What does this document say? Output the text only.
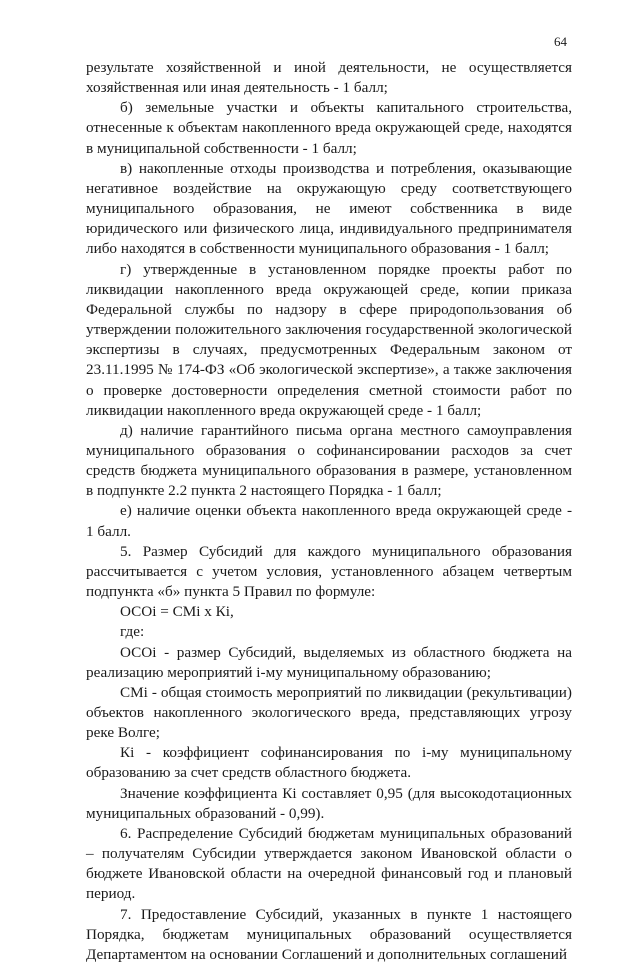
64

результате хозяйственной и иной деятельности, не осуществляется хозяйственная или иная деятельность - 1 балл;

б) земельные участки и объекты капитального строительства, отнесенные к объектам накопленного вреда окружающей среде, находятся в муниципальной собственности - 1 балл;

в) накопленные отходы производства и потребления, оказывающие негативное воздействие на окружающую среду соответствующего муниципального образования, не имеют собственника в виде юридического или физического лица, индивидуального предпринимателя либо находятся в собственности муниципального образования - 1 балл;

г) утвержденные в установленном порядке проекты работ по ликвидации накопленного вреда окружающей среде, копии приказа Федеральной службы по надзору в сфере природопользования об утверждении положительного заключения государственной экологической экспертизы в случаях, предусмотренных Федеральным законом от 23.11.1995 № 174-ФЗ «Об экологической экспертизе», а также заключения о проверке достоверности определения сметной стоимости работ по ликвидации накопленного вреда окружающей среде - 1 балл;

д) наличие гарантийного письма органа местного самоуправления муниципального образования о софинансировании расходов за счет средств бюджета муниципального образования в размере, установленном в подпункте 2.2 пункта 2 настоящего Порядка - 1 балл;

е) наличие оценки объекта накопленного вреда окружающей среде - 1 балл.

5. Размер Субсидий для каждого муниципального образования рассчитывается с учетом условия, установленного абзацем четвертым подпункта «б» пункта 5 Правил по формуле:

ОСОi = СМi x Кi,

где:

ОСОi - размер Субсидий, выделяемых из областного бюджета на реализацию мероприятий i-му муниципальному образованию;

СМi - общая стоимость мероприятий по ликвидации (рекультивации) объектов накопленного экологического вреда, представляющих угрозу реке Волге;

Кi - коэффициент софинансирования по i-му муниципальному образованию за счет средств областного бюджета.

Значение коэффициента Кi составляет 0,95 (для высокодотационных муниципальных образований - 0,99).

6. Распределение Субсидий бюджетам муниципальных образований – получателям Субсидии утверждается законом Ивановской области о бюджете Ивановской области на очередной финансовый год и плановый период.

7. Предоставление Субсидий, указанных в пункте 1 настоящего Порядка, бюджетам муниципальных образований осуществляется Департаментом на основании Соглашений и дополнительных соглашений
